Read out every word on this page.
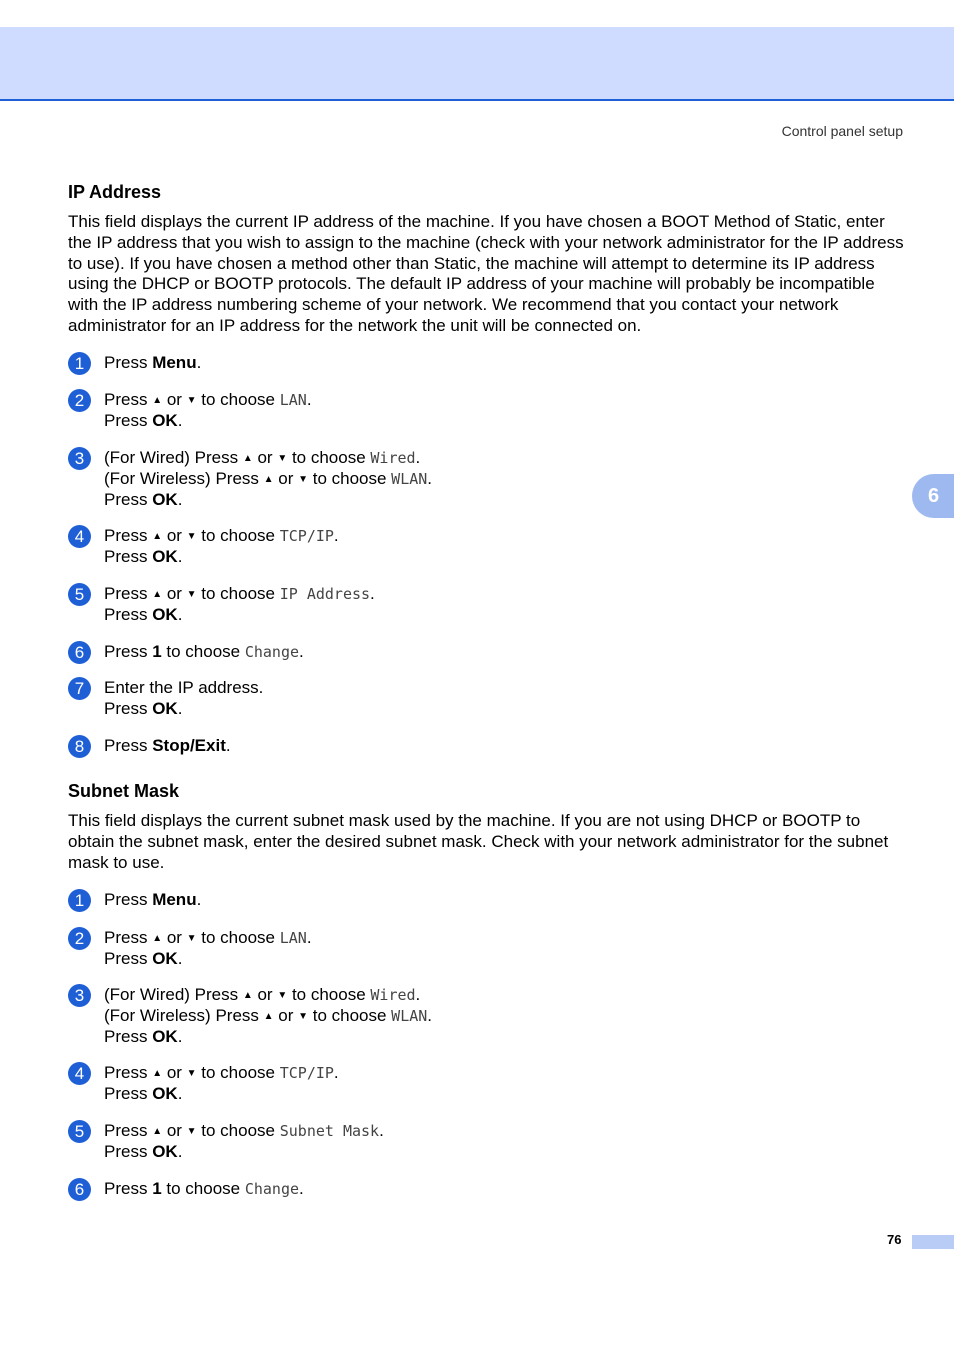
Control panel setup
6
IP Address

This field displays the current IP address of the machine. If you have chosen a BOOT Method of Static, enter the IP address that you wish to assign to the machine (check with your network administrator for the IP address to use). If you have chosen a method other than Static, the machine will attempt to determine its IP address using the DHCP or BOOTP protocols. The default IP address of your machine will probably be incompatible with the IP address numbering scheme of your network. We recommend that you contact your network administrator for an IP address for the network the unit will be connected on.

1	Press Menu.
2	Press ▲ or ▼ to choose LAN.
Press OK.
3	(For Wired) Press ▲ or ▼ to choose Wired.
(For Wireless) Press ▲ or ▼ to choose WLAN.
Press OK.
4	Press ▲ or ▼ to choose TCP/IP.
Press OK.
5	Press ▲ or ▼ to choose IP Address.
Press OK.
6	Press 1 to choose Change.
7	Enter the IP address.
Press OK.
8	Press Stop/Exit.
Subnet Mask

This field displays the current subnet mask used by the machine. If you are not using DHCP or BOOTP to obtain the subnet mask, enter the desired subnet mask. Check with your network administrator for the subnet mask to use.

1	Press Menu.
2	Press ▲ or ▼ to choose LAN.
Press OK.
3	(For Wired) Press ▲ or ▼ to choose Wired.
(For Wireless) Press ▲ or ▼ to choose WLAN.
Press OK.
4	Press ▲ or ▼ to choose TCP/IP.
Press OK.
5	Press ▲ or ▼ to choose Subnet Mask.
Press OK.
6	Press 1 to choose Change.
76
